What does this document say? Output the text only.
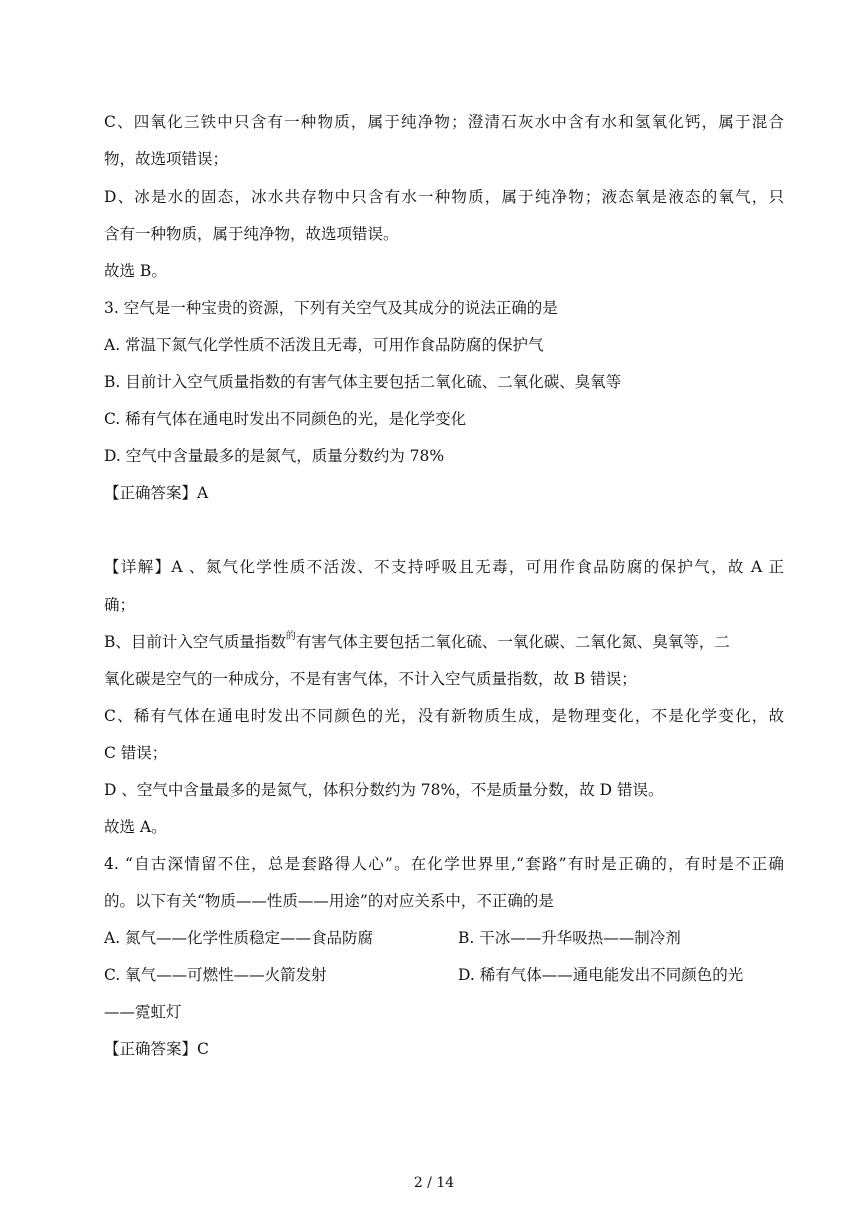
C、四氧化三铁中只含有一种物质，属于纯净物；澄清石灰水中含有水和氢氧化钙，属于混合
物，故选项错误；
D、冰是水的固态，冰水共存物中只含有水一种物质，属于纯净物；液态氧是液态的氧气，只
含有一种物质，属于纯净物，故选项错误。
故选 B。
3. 空气是一种宝贵的资源，下列有关空气及其成分的说法正确的是
A. 常温下氮气化学性质不活泼且无毒，可用作食品防腐的保护气
B. 目前计入空气质量指数的有害气体主要包括二氧化硫、二氧化碳、臭氧等
C. 稀有气体在通电时发出不同颜色的光，是化学变化
D. 空气中含量最多的是氮气，质量分数约为 78%
【正确答案】A
【详解】A 、氮气化学性质不活泼、不支持呼吸且无毒，可用作食品防腐的保护气，故 A 正
确；
B、目前计入空气质量指数$^的$有害气体主要包括二氧化硫、一氧化碳、二氧化氮、臭氧等，二
氧化碳是空气的一种成分，不是有害气体，不计入空气质量指数，故 B 错误；
C、稀有气体在通电时发出不同颜色的光，没有新物质生成，是物理变化，不是化学变化，故
C 错误；
D 、空气中含量最多的是氮气，体积分数约为 78%，不是质量分数，故 D 错误。
故选 A。
4. “自古深情留不住，总是套路得人心”。在化学世界里,“套路”有时是正确的，有时是不正确
的。以下有关“物质——性质——用途”的对应关系中，不正确的是
A. 氮气——化学性质稳定——食品防腐	B. 干冰——升华吸热——制冷剂
C. 氧气——可燃性——火箭发射	D. 稀有气体——通电能发出不同颜色的光
——霓虹灯
【正确答案】C
2 / 14
